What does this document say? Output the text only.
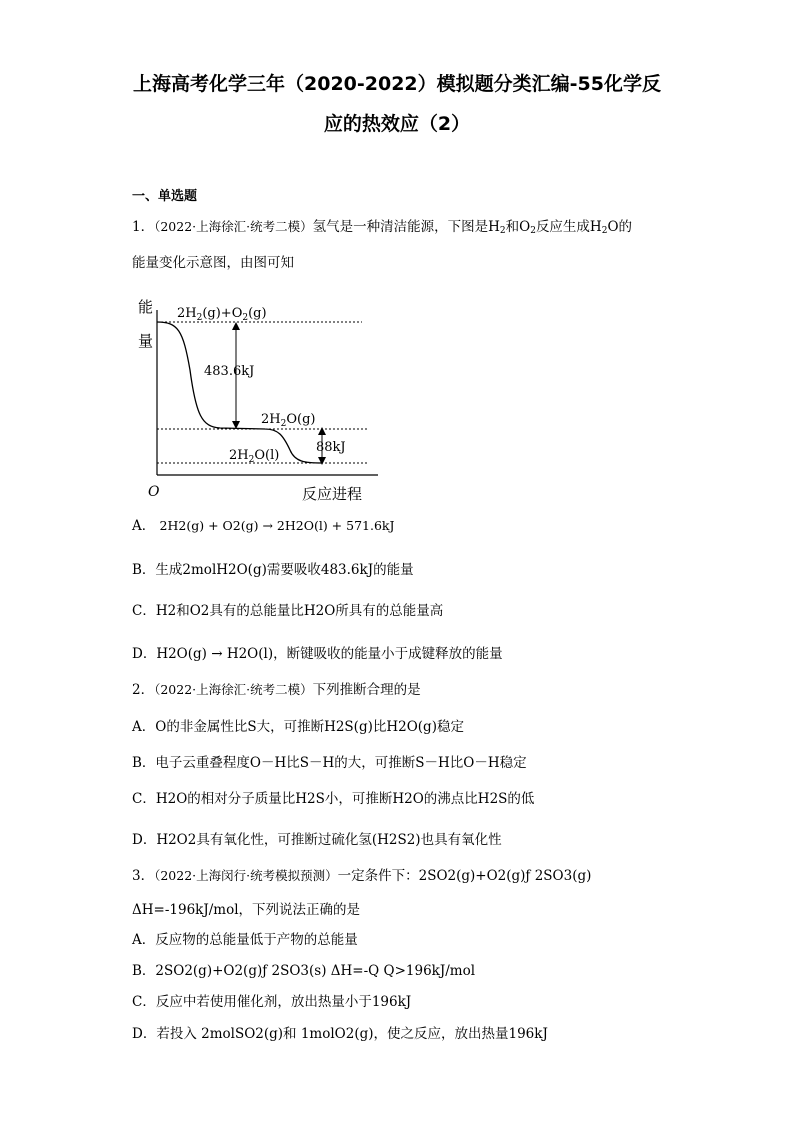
上海高考化学三年（2020-2022）模拟题分类汇编-55化学反
应的热效应（2）
一、单选题
1．（2022·上海徐汇·统考二模）氢气是一种清洁能源，下图是$H_2$和$O_2$反应生成$H_2O$的
能量变化示意图，由图可知
能
量
O	反应进程
$2H_2(g)+O_2(g)$
$2H_2O(g)$
$2H_2O(l)$
483.6kJ
88kJ
A． 2H2(g) + O2(g) → 2H2O(l) + 571.6kJ
B．生成2molH2O(g)需要吸收483.6kJ的能量
C．H2和O2具有的总能量比H2O所具有的总能量高
D．H2O(g) → H2O(l)，断键吸收的能量小于成键释放的能量
2．（2022·上海徐汇·统考二模）下列推断合理的是
A．O的非金属性比S大，可推断H2S(g)比H2O(g)稳定
B．电子云重叠程度O－H比S－H的大，可推断S－H比O－H稳定
C．H2O的相对分子质量比H2S小，可推断H2O的沸点比H2S的低
D．H2O2具有氧化性，可推断过硫化氢(H2S2)也具有氧化性
3．（2022·上海闵行·统考模拟预测）一定条件下：2SO2(g)+O2(g)ƒ 2SO3(g)
ΔH=-196kJ/mol，下列说法正确的是
A．反应物的总能量低于产物的总能量
B．2SO2(g)+O2(g)ƒ 2SO3(s) ΔH=-Q Q>196kJ/mol
C．反应中若使用催化剂，放出热量小于196kJ
D．若投入 2molSO2(g)和 1molO2(g)，使之反应，放出热量196kJ
